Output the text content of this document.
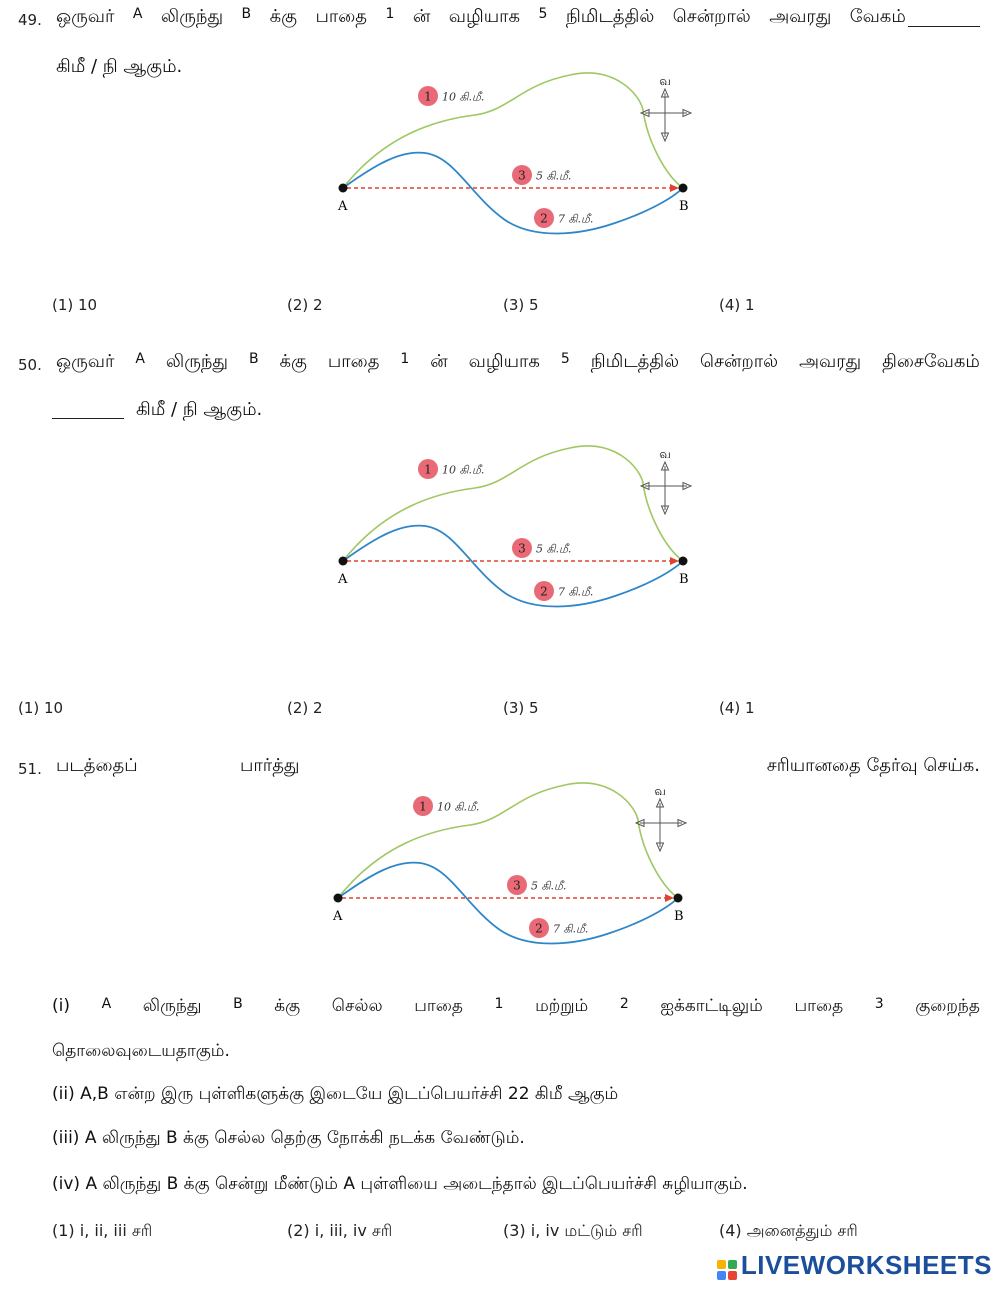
49. ஒருவர் A லிருந்து B க்கு பாதை 1 ன் வழியாக 5 நிமிடத்தில் சென்றால் அவரது வேகம்
கிமீ / நி ஆகும்.
A	B
1 10 கி.மீ.
2 7 கி.மீ.
3 5 கி.மீ.
வ
(1) 10	(2) 2	(3) 5	(4) 1
50. ஒருவர் A லிருந்து B க்கு பாதை 1 ன் வழியாக 5 நிமிடத்தில் சென்றால் அவரது திசைவேகம்
கிமீ / நி ஆகும்.
A	B
1 10 கி.மீ.
2 7 கி.மீ.
3 5 கி.மீ.
வ
(1) 10	(2) 2	(3) 5	(4) 1
51. படத்தைப்	பார்த்து	சரியானதை தேர்வு செய்க.
A	B
1 10 கி.மீ.
2 7 கி.மீ.
3 5 கி.மீ.
வ
(i) A லிருந்து B க்கு செல்ல பாதை 1 மற்றும் 2 ஐக்காட்டிலும் பாதை 3 குறைந்த
தொலைவுடையதாகும்.
(ii) A,B என்ற இரு புள்ளிகளுக்கு இடையே இடப்பெயர்ச்சி 22 கிமீ ஆகும்
(iii) A லிருந்து B க்கு செல்ல தெற்கு நோக்கி நடக்க வேண்டும்.
(iv) A லிருந்து B க்கு சென்று மீண்டும் A புள்ளியை அடைந்தால் இடப்பெயர்ச்சி சுழியாகும்.
(1) i, ii, iii சரி	(2) i, iii, iv சரி	(3) i, iv மட்டும் சரி	(4) அனைத்தும் சரி
LIVEWORKSHEETS
